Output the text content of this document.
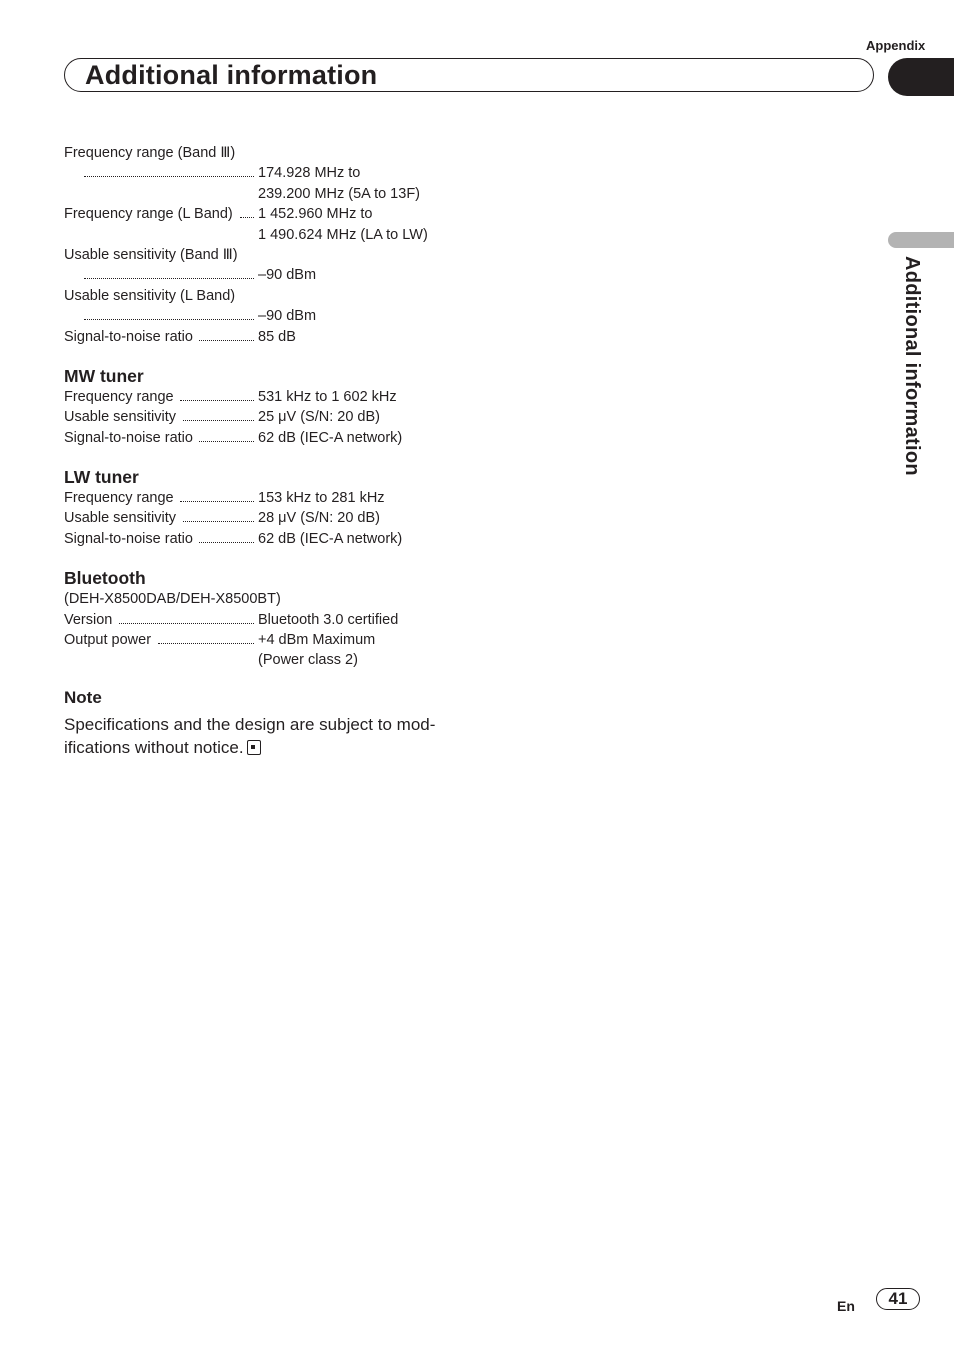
Appendix
Additional information
Additional information
Frequency range (Band Ⅲ)
174.928 MHz to
239.200 MHz (5A to 13F)
Frequency range (L Band) 1 452.960 MHz to
1 490.624 MHz (LA to LW)
Usable sensitivity (Band Ⅲ)
–90 dBm
Usable sensitivity (L Band)
–90 dBm
Signal-to-noise ratio	85 dB
MW tuner
Frequency range	531 kHz to 1 602 kHz
Usable sensitivity	25 μV (S/N: 20 dB)
Signal-to-noise ratio	62 dB (IEC-A network)
LW tuner
Frequency range	153 kHz to 281 kHz
Usable sensitivity	28 μV (S/N: 20 dB)
Signal-to-noise ratio	62 dB (IEC-A network)
Bluetooth
(DEH-X8500DAB/DEH-X8500BT)
Version	Bluetooth 3.0 certified
Output power	+4 dBm Maximum
(Power class 2)
Note
Specifications and the design are subject to mod-ifications without notice.
En	41
